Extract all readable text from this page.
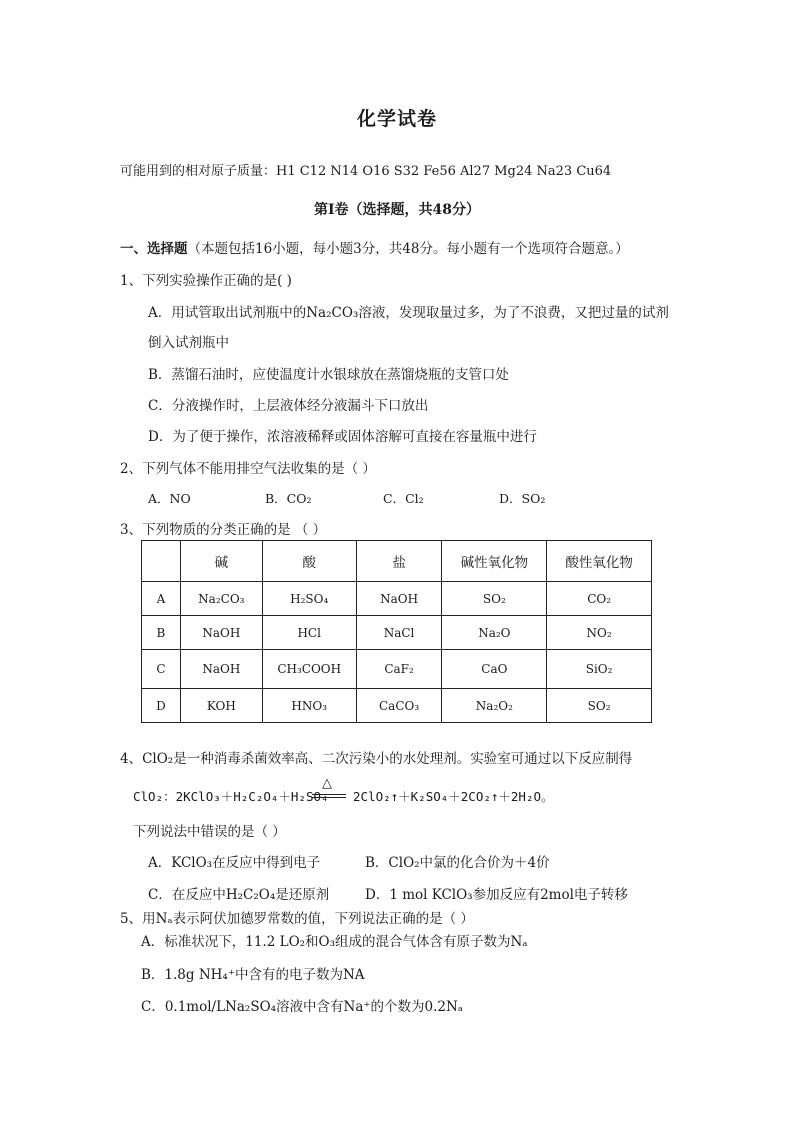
化学试卷
可能用到的相对原子质量：H1 C12 N14 O16 S32 Fe56 Al27 Mg24 Na23 Cu64
第Ⅰ卷（选择题，共48分）
一、选择题（本题包括16小题，每小题3分，共48分。每小题有一个选项符合题意。）
1、下列实验操作正确的是( )
A．用试管取出试剂瓶中的Na₂CO₃溶液，发现取量过多，为了不浪费，又把过量的试剂
倒入试剂瓶中
B．蒸馏石油时，应使温度计水银球放在蒸馏烧瓶的支管口处
C．分液操作时，上层液体经分液漏斗下口放出
D．为了便于操作，浓溶液稀释或固体溶解可直接在容量瓶中进行
2、下列气体不能用排空气法收集的是（ ）
A．NO	B．CO₂	C．Cl₂	D．SO₂
3、下列物质的分类正确的是 （ ）
	碱	酸	盐	碱性氧化物	酸性氧化物
A	Na₂CO₃	H₂SO₄	NaOH	SO₂	CO₂
B	NaOH	HCl	NaCl	Na₂O	NO₂
C	NaOH	CH₃COOH	CaF₂	CaO	SiO₂
D	KOH	HNO₃	CaCO₃	Na₂O₂	SO₂
4、ClO₂是一种消毒杀菌效率高、二次污染小的水处理剂。实验室可通过以下反应制得
ClO₂：2KClO₃＋H₂C₂O₄＋H₂SO₄
△
2ClO₂↑＋K₂SO₄＋2CO₂↑＋2H₂O。
下列说法中错误的是（ ）
A．KClO₃在反应中得到电子	B．ClO₂中氯的化合价为＋4价
C．在反应中H₂C₂O₄是还原剂	D．1 mol KClO₃参加反应有2mol电子转移
5、用Nₐ表示阿伏加德罗常数的值，下列说法正确的是（ ）
A．标准状况下，11.2 LO₂和O₃组成的混合气体含有原子数为Nₐ
B．1.8g NH₄⁺中含有的电子数为NA
C．0.1mol/LNa₂SO₄溶液中含有Na⁺的个数为0.2Nₐ
